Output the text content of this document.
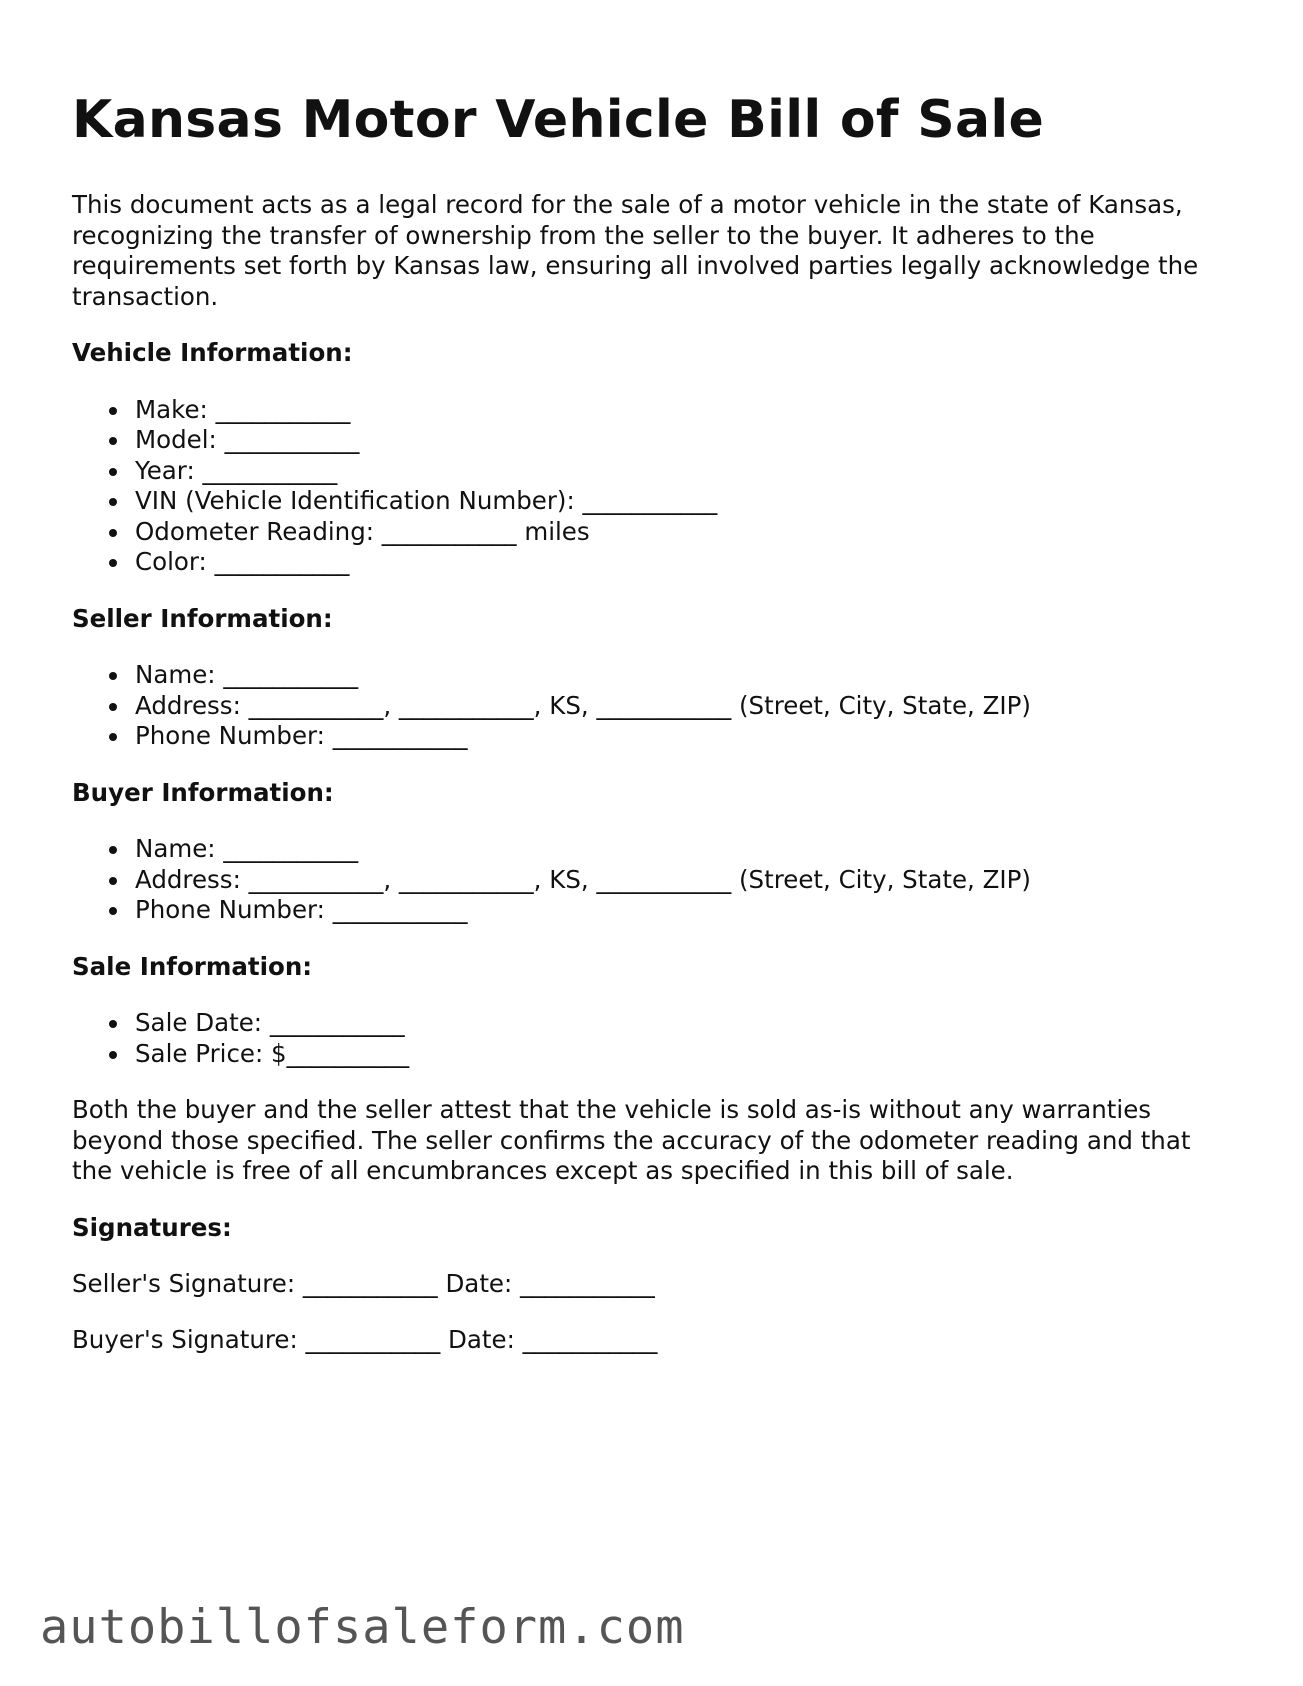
Kansas Motor Vehicle Bill of Sale

This document acts as a legal record for the sale of a motor vehicle in the state of Kansas, recognizing the transfer of ownership from the seller to the buyer. It adheres to the requirements set forth by Kansas law, ensuring all involved parties legally acknowledge the transaction.

Vehicle Information:
Make: ___________
Model: ___________
Year: ___________
VIN (Vehicle Identification Number): ___________
Odometer Reading: ___________ miles
Color: ___________
Seller Information:
Name: ___________
Address: ___________, ___________, KS, ___________ (Street, City, State, ZIP)
Phone Number: ___________
Buyer Information:
Name: ___________
Address: ___________, ___________, KS, ___________ (Street, City, State, ZIP)
Phone Number: ___________
Sale Information:
Sale Date: ___________
Sale Price: $__________

Both the buyer and the seller attest that the vehicle is sold as-is without any warranties beyond those specified. The seller confirms the accuracy of the odometer reading and that the vehicle is free of all encumbrances except as specified in this bill of sale.

Signatures:
Seller's Signature: ___________ Date: ___________
Buyer's Signature: ___________ Date: ___________
autobillofsaleform.com
